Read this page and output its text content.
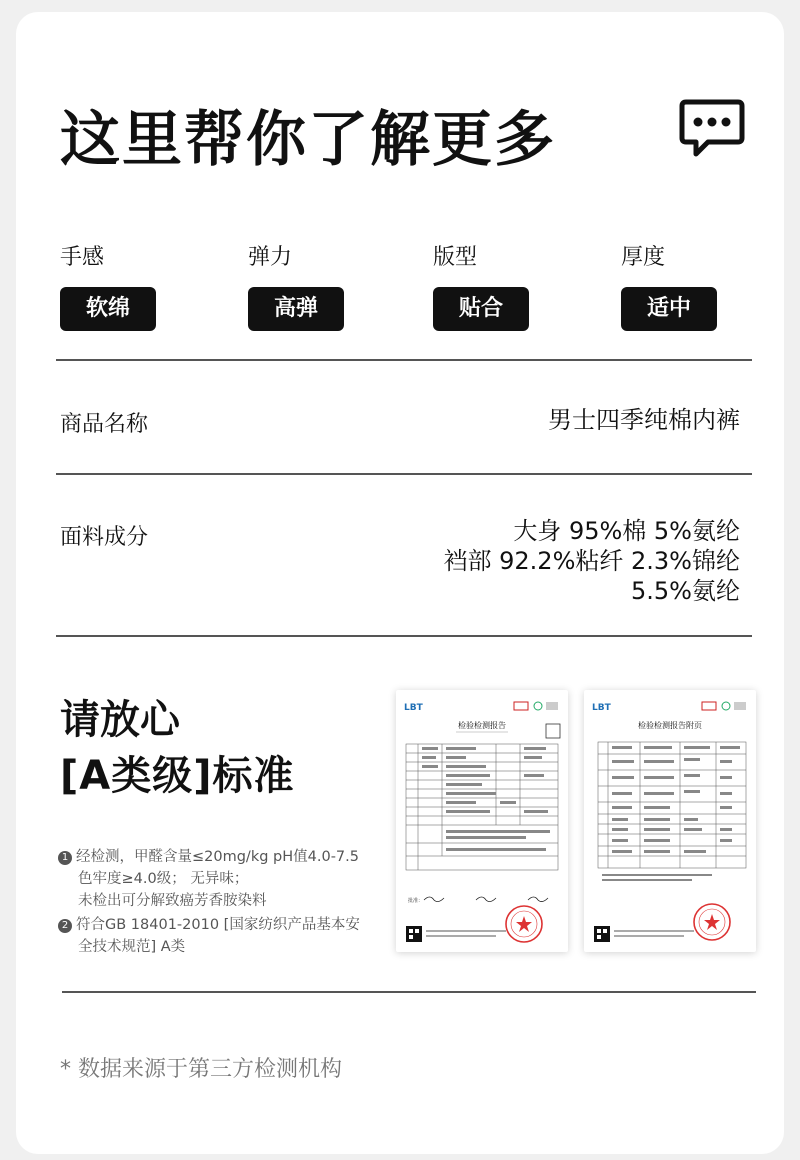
这里帮你了解更多
手感
软绵
弹力
高弹
版型
贴合
厚度
适中
商品名称	男士四季纯棉内裤
面料成分	大身 95%棉 5%氨纶
裆部 92.2%粘纤 2.3%锦纶
5.5%氨纶
请放心
[A类级]标准
1 经检测，甲醛含量≤20mg/kg pH值4.0-7.5
色牢度≥4.0级； 无异味；
未检出可分解致癌芳香胺染料
2 符合GB 18401-2010 [国家纺织产品基本安
全技术规范] A类
LBT
检验检测报告
批准：
LBT
检验检测报告附页
* 数据来源于第三方检测机构
